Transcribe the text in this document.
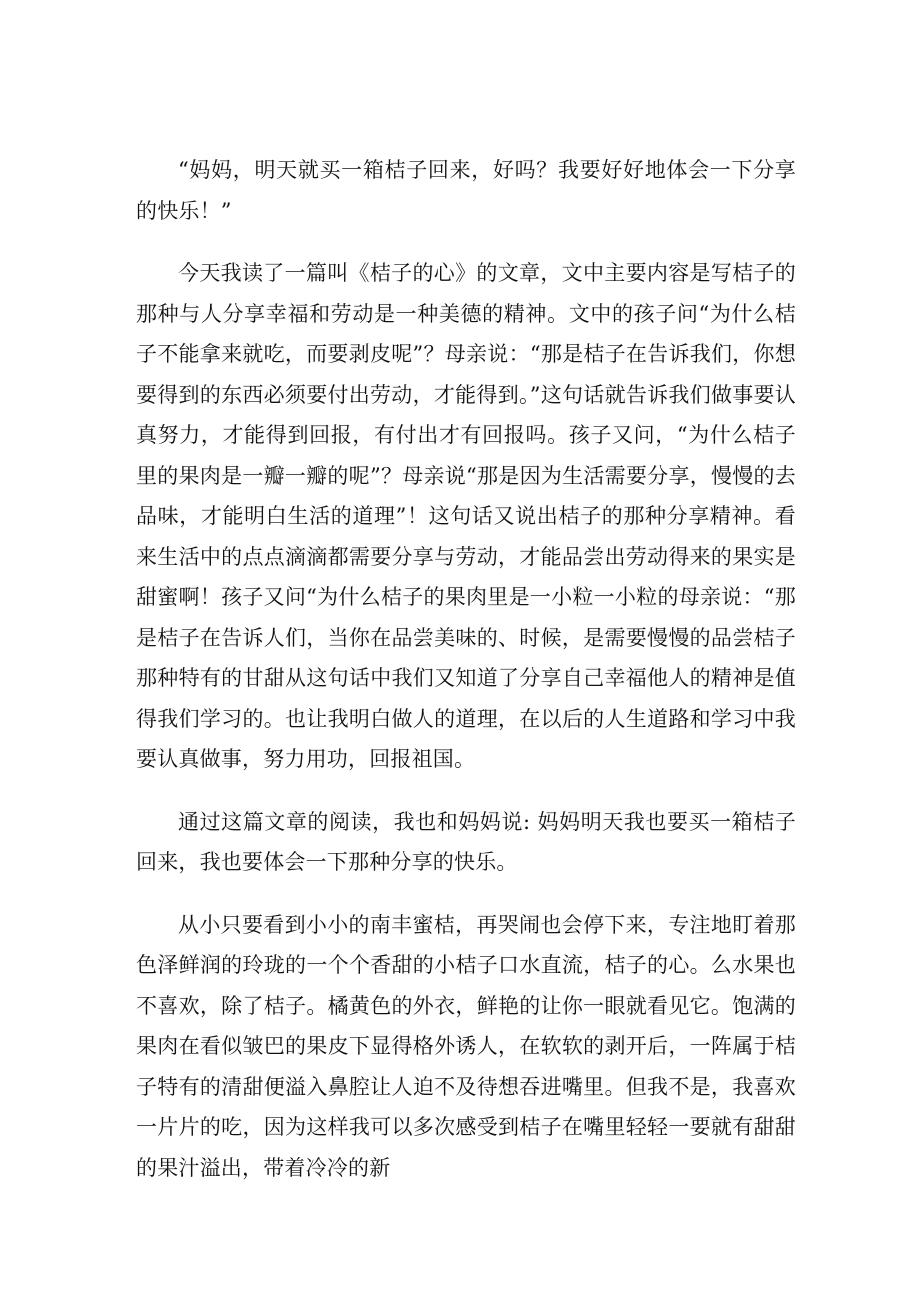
“妈妈，明天就买一箱桔子回来，好吗？我要好好地体会一下分享的快乐！”

今天我读了一篇叫《桔子的心》的文章，文中主要内容是写桔子的那种与人分享幸福和劳动是一种美德的精神。文中的孩子问“为什么桔子不能拿来就吃，而要剥皮呢”？母亲说：“那是桔子在告诉我们，你想要得到的东西必须要付出劳动，才能得到。”这句话就告诉我们做事要认真努力，才能得到回报，有付出才有回报吗。孩子又问，“为什么桔子里的果肉是一瓣一瓣的呢”？母亲说“那是因为生活需要分享，慢慢的去品味，才能明白生活的道理”！这句话又说出桔子的那种分享精神。看来生活中的点点滴滴都需要分享与劳动，才能品尝出劳动得来的果实是甜蜜啊！孩子又问“为什么桔子的果肉里是一小粒一小粒的母亲说：“那是桔子在告诉人们，当你在品尝美味的、时候，是需要慢慢的品尝桔子那种特有的甘甜从这句话中我们又知道了分享自己幸福他人的精神是值得我们学习的。也让我明白做人的道理，在以后的人生道路和学习中我要认真做事，努力用功，回报祖国。

通过这篇文章的阅读，我也和妈妈说: 妈妈明天我也要买一箱桔子回来，我也要体会一下那种分享的快乐。

从小只要看到小小的南丰蜜桔，再哭闹也会停下来，专注地盯着那色泽鲜润的玲珑的一个个香甜的小桔子口水直流，桔子的心。么水果也不喜欢，除了桔子。橘黄色的外衣，鲜艳的让你一眼就看见它。饱满的果肉在看似皱巴的果皮下显得格外诱人，在软软的剥开后，一阵属于桔子特有的清甜便溢入鼻腔让人迫不及待想吞进嘴里。但我不是，我喜欢一片片的吃，因为这样我可以多次感受到桔子在嘴里轻轻一要就有甜甜的果汁溢出，带着冷冷的新
